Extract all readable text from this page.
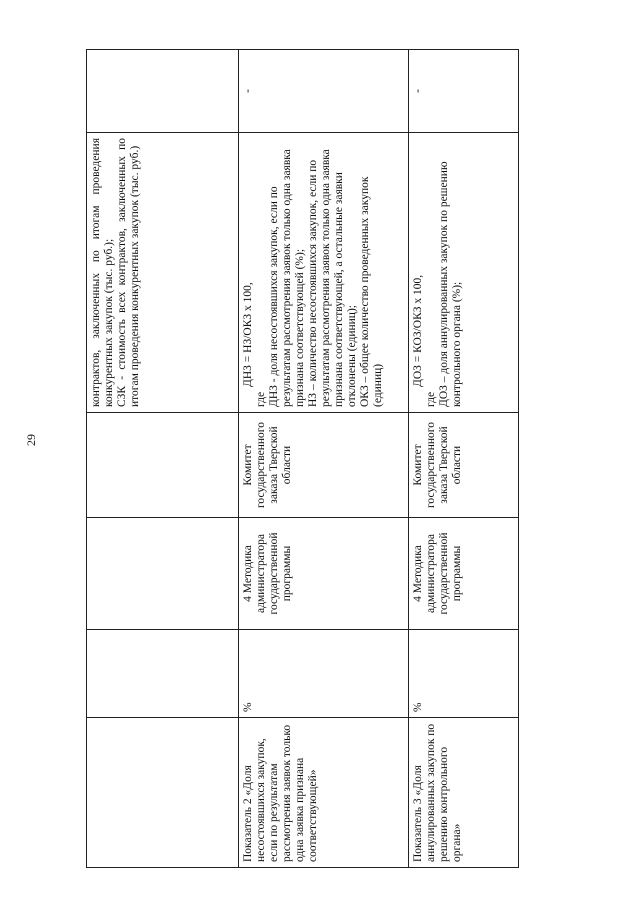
29

				контрактов, заключенных по итогам проведения конкурентных закупок (тыс. руб.); СЗК - стоимость всех контрактов, заключенных по итогам проведения конкурентных закупок (тыс. руб.)	

Показатель 2 «Доля несостоявшихся закупок, если по результатам рассмотрения заявок только одна заявка признана соответствующей»	%	4 Методика администратора государственной программы	Комитет государственного заказа Тверской области	ДНЗ = НЗ/ОКЗ х 100,
где ДНЗ - доля несостоявшихся закупок, если по результатам рассмотрения заявок только одна заявка признана соответствующей (%); НЗ – количество несостоявшихся закупок, если по результатам рассмотрения заявок только одна заявка признана соответствующей, а остальные заявки отклонены (единиц); ОКЗ – общее количество проведенных закупок (единиц)	-
Показатель 3 «Доля аннулированных закупок по решению контрольного органа»	%	4 Методика администратора государственной программы	Комитет государственного заказа Тверской области	ДОЗ = КОЗ/ОКЗ х 100,
где ДОЗ – доля аннулированных закупок по решению контрольного органа (%);	-
